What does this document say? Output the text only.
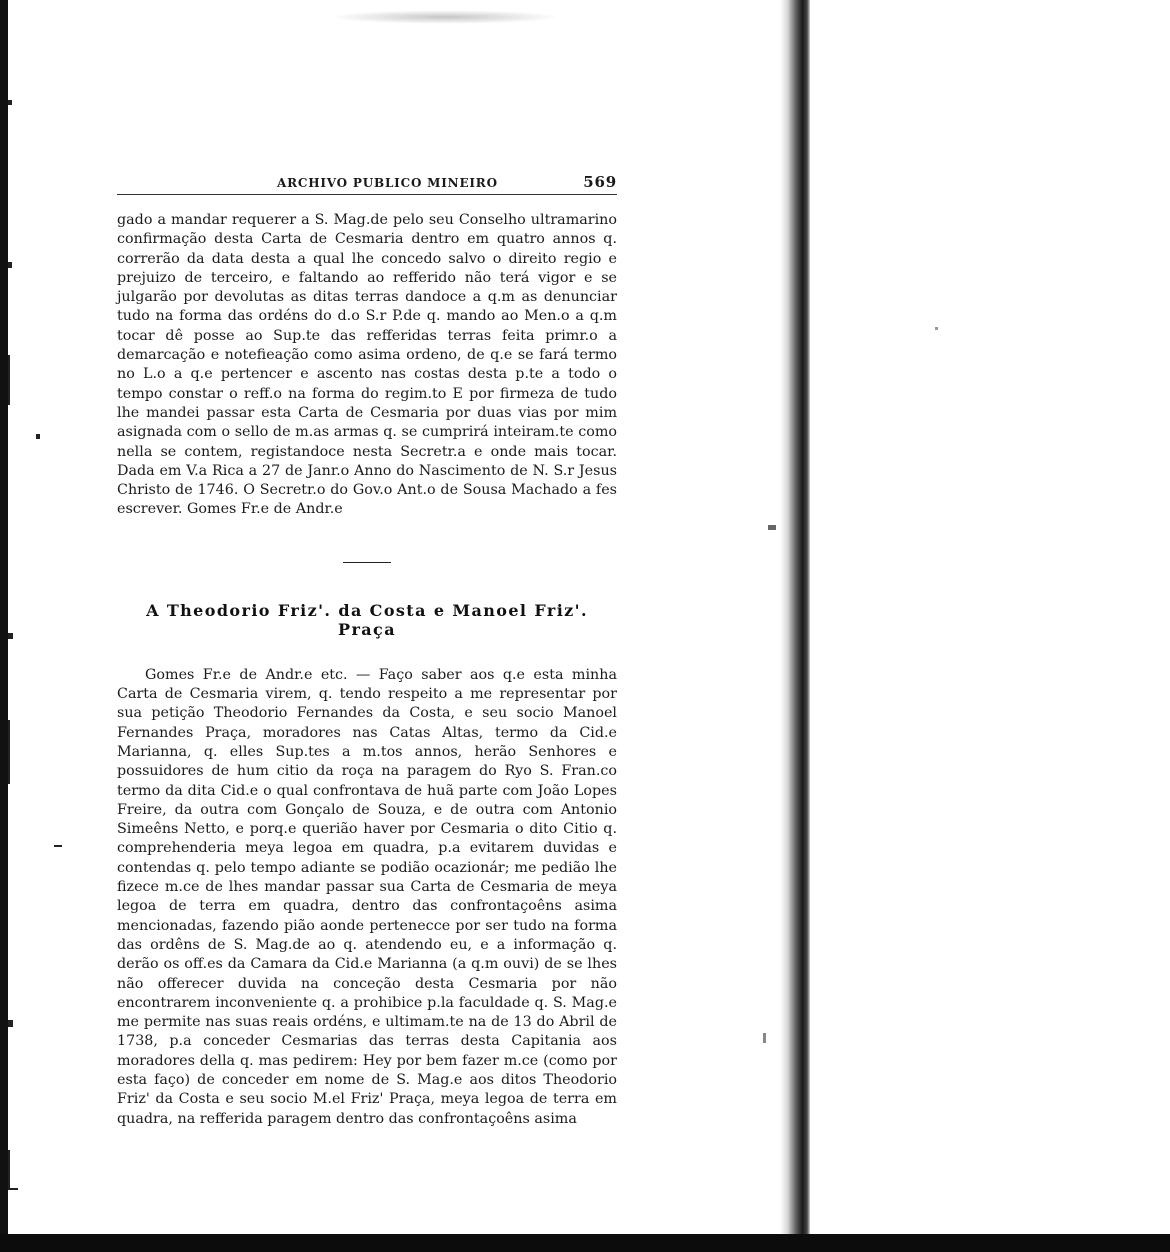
ARCHIVO PUBLICO MINEIRO	569

gado a mandar requerer a S. Mag.de pelo seu Conselho ultramarino confirmação desta Carta de Cesmaria dentro em quatro annos q. correrão da data desta a qual lhe concedo salvo o direito regio e prejuizo de terceiro, e faltando ao refferido não terá vigor e se julgarão por devolutas as ditas terras dandoce a q.m as denunciar tudo na forma das ordéns do d.o S.r P.de q. mando ao Men.o a q.m tocar dê posse ao Sup.te das refferidas terras feita primr.o a demarcação e notefieação como asima ordeno, de q.e se fará termo no L.o a q.e pertencer e ascento nas costas desta p.te a todo o tempo constar o reff.o na forma do regim.to E por firmeza de tudo lhe mandei passar esta Carta de Cesmaria por duas vias por mim asignada com o sello de m.as armas q. se cumprirá inteiram.te como nella se contem, registandoce nesta Secretr.a e onde mais tocar. Dada em V.a Rica a 27 de Janr.o Anno do Nascimento de N. S.r Jesus Christo de 1746. O Secretr.o do Gov.o Ant.o de Sousa Machado a fes escrever. Gomes Fr.e de Andr.e

A Theodorio Friz'. da Costa e Manoel Friz'.
Praça

Gomes Fr.e de Andr.e etc. — Faço saber aos q.e esta minha Carta de Cesmaria virem, q. tendo respeito a me representar por sua petição Theodorio Fernandes da Costa, e seu socio Manoel Fernandes Praça, moradores nas Catas Altas, termo da Cid.e Marianna, q. elles Sup.tes a m.tos annos, herão Senhores e possuidores de hum citio da roça na paragem do Ryo S. Fran.co termo da dita Cid.e o qual confrontava de huã parte com João Lopes Freire, da outra com Gonçalo de Souza, e de outra com Antonio Simeêns Netto, e porq.e querião haver por Cesmaria o dito Citio q. comprehenderia meya legoa em quadra, p.a evitarem duvidas e contendas q. pelo tempo adiante se podião ocazionár; me pedião lhe fizece m.ce de lhes mandar passar sua Carta de Cesmaria de meya legoa de terra em quadra, dentro das confrontaçoêns asima mencionadas, fazendo pião aonde pertenecce por ser tudo na forma das ordêns de S. Mag.de ao q. atendendo eu, e a informação q. derão os off.es da Camara da Cid.e Marianna (a q.m ouvi) de se lhes não offerecer duvida na conceção desta Cesmaria por não encontrarem inconveniente q. a prohibice p.la faculdade q. S. Mag.e me permite nas suas reais ordéns, e ultimam.te na de 13 do Abril de 1738, p.a conceder Cesmarias das terras desta Capitania aos moradores della q. mas pedirem: Hey por bem fazer m.ce (como por esta faço) de conceder em nome de S. Mag.e aos ditos Theodorio Friz' da Costa e seu socio M.el Friz' Praça, meya legoa de terra em quadra, na refferida paragem dentro das confrontaçoêns asima
